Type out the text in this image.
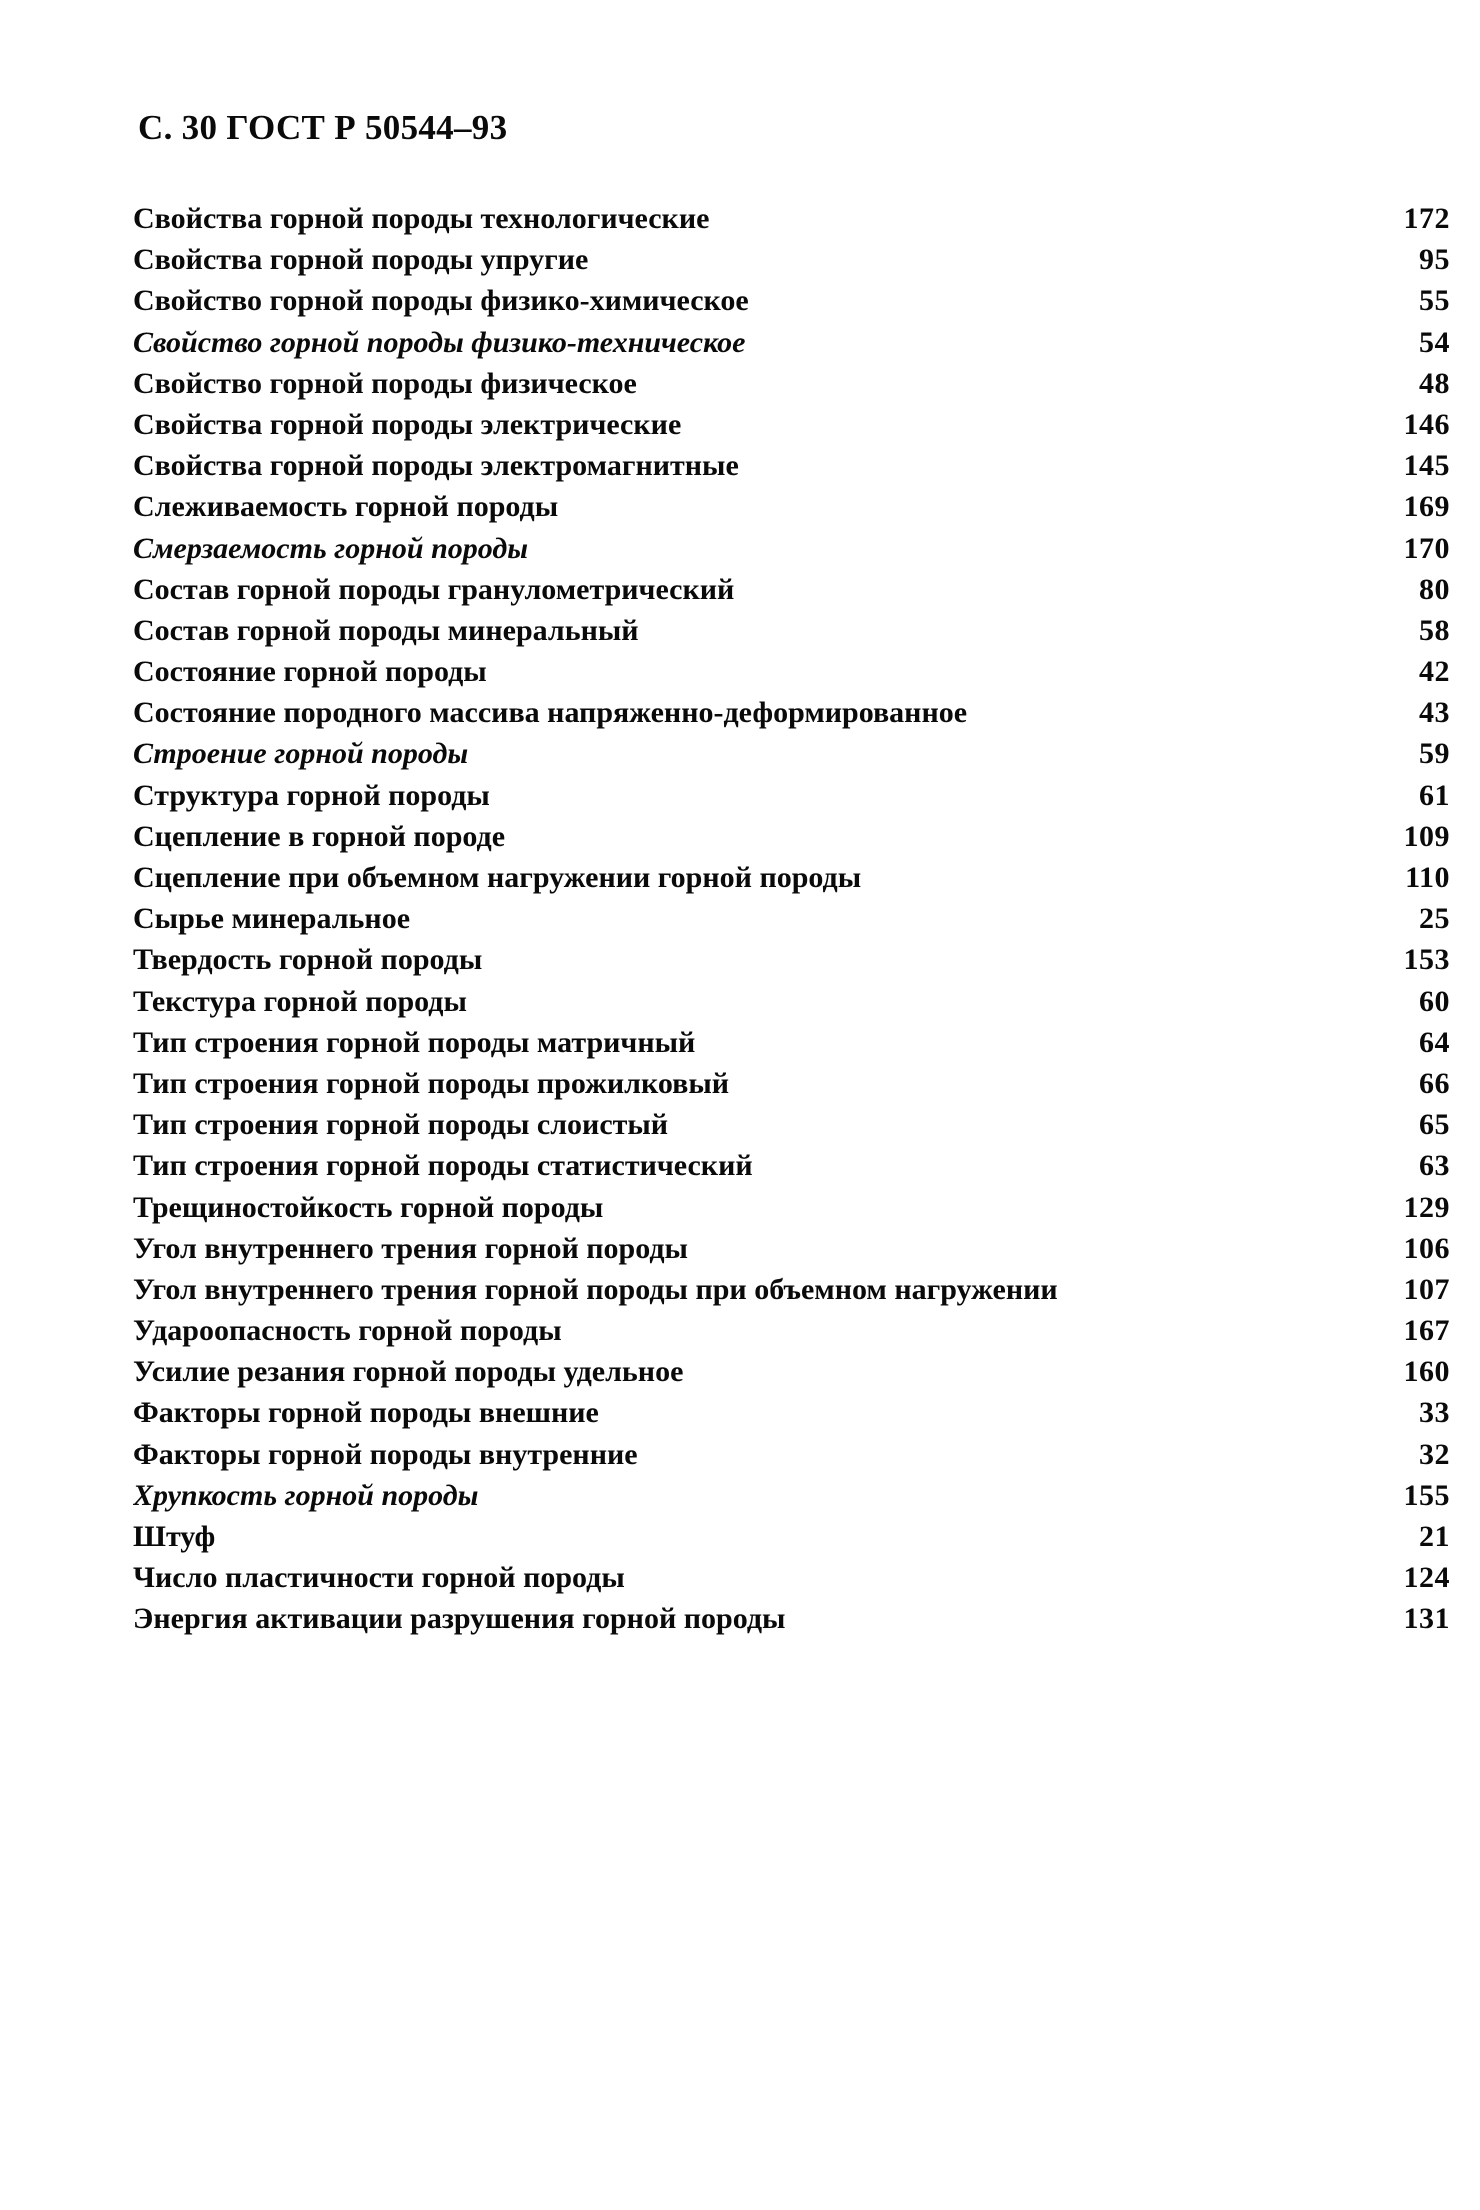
С. 30 ГОСТ Р 50544–93
Свойства горной породы технологические	172
Свойства горной породы упругие	95
Свойство горной породы физико-химическое	55
Свойство горной породы физико-техническое	54
Свойство горной породы физическое	48
Свойства горной породы электрические	146
Свойства горной породы электромагнитные	145
Слеживаемость горной породы	169
Смерзаемость горной породы	170
Состав горной породы гранулометрический	80
Состав горной породы минеральный	58
Состояние горной породы	42
Состояние породного массива напряженно-деформированное	43
Строение горной породы	59
Структура горной породы	61
Сцепление в горной породе	109
Сцепление при объемном нагружении горной породы	110
Сырье минеральное	25
Твердость горной породы	153
Текстура горной породы	60
Тип строения горной породы матричный	64
Тип строения горной породы прожилковый	66
Тип строения горной породы слоистый	65
Тип строения горной породы статистический	63
Трещиностойкость горной породы	129
Угол внутреннего трения горной породы	106
Угол внутреннего трения горной породы при объемном нагружении	107
Удароопасность горной породы	167
Усилие резания горной породы удельное	160
Факторы горной породы внешние	33
Факторы горной породы внутренние	32
Хрупкость горной породы	155
Штуф	21
Число пластичности горной породы	124
Энергия активации разрушения горной породы	131
